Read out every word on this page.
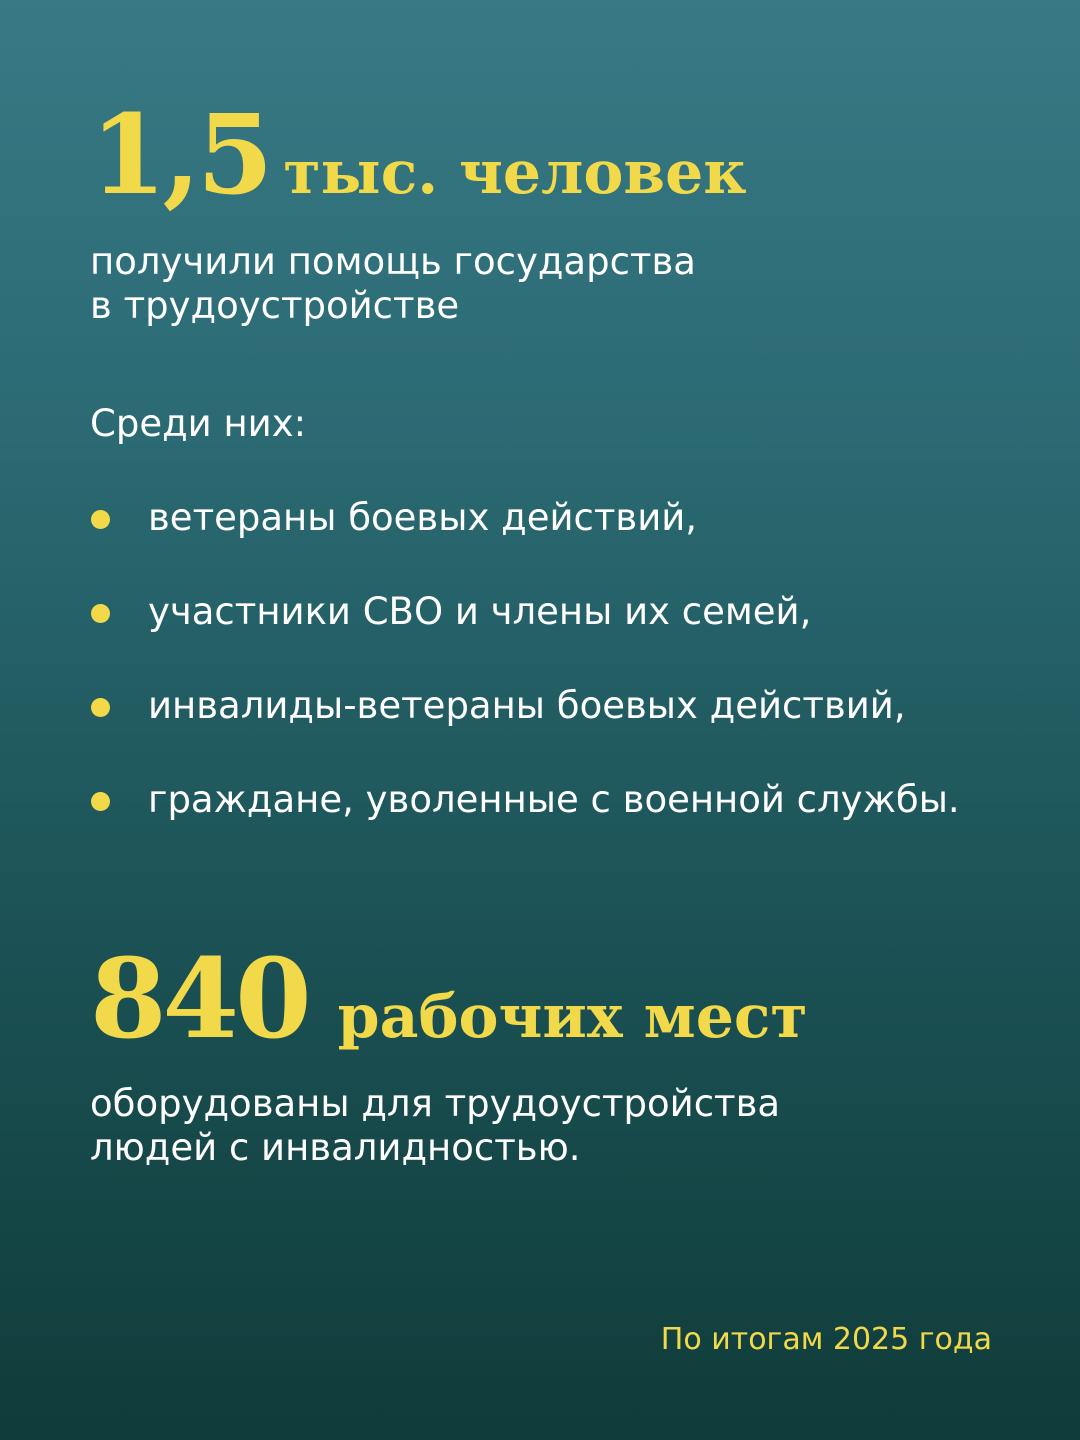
1,5 тыс. человек
получили помощь государства
в трудоустройстве
Среди них:
ветераны боевых действий,
участники СВО и члены их семей,
инвалиды-ветераны боевых действий,
граждане, уволенные с военной службы.
840 рабочих мест
оборудованы для трудоустройства
людей с инвалидностью.
По итогам 2025 года
